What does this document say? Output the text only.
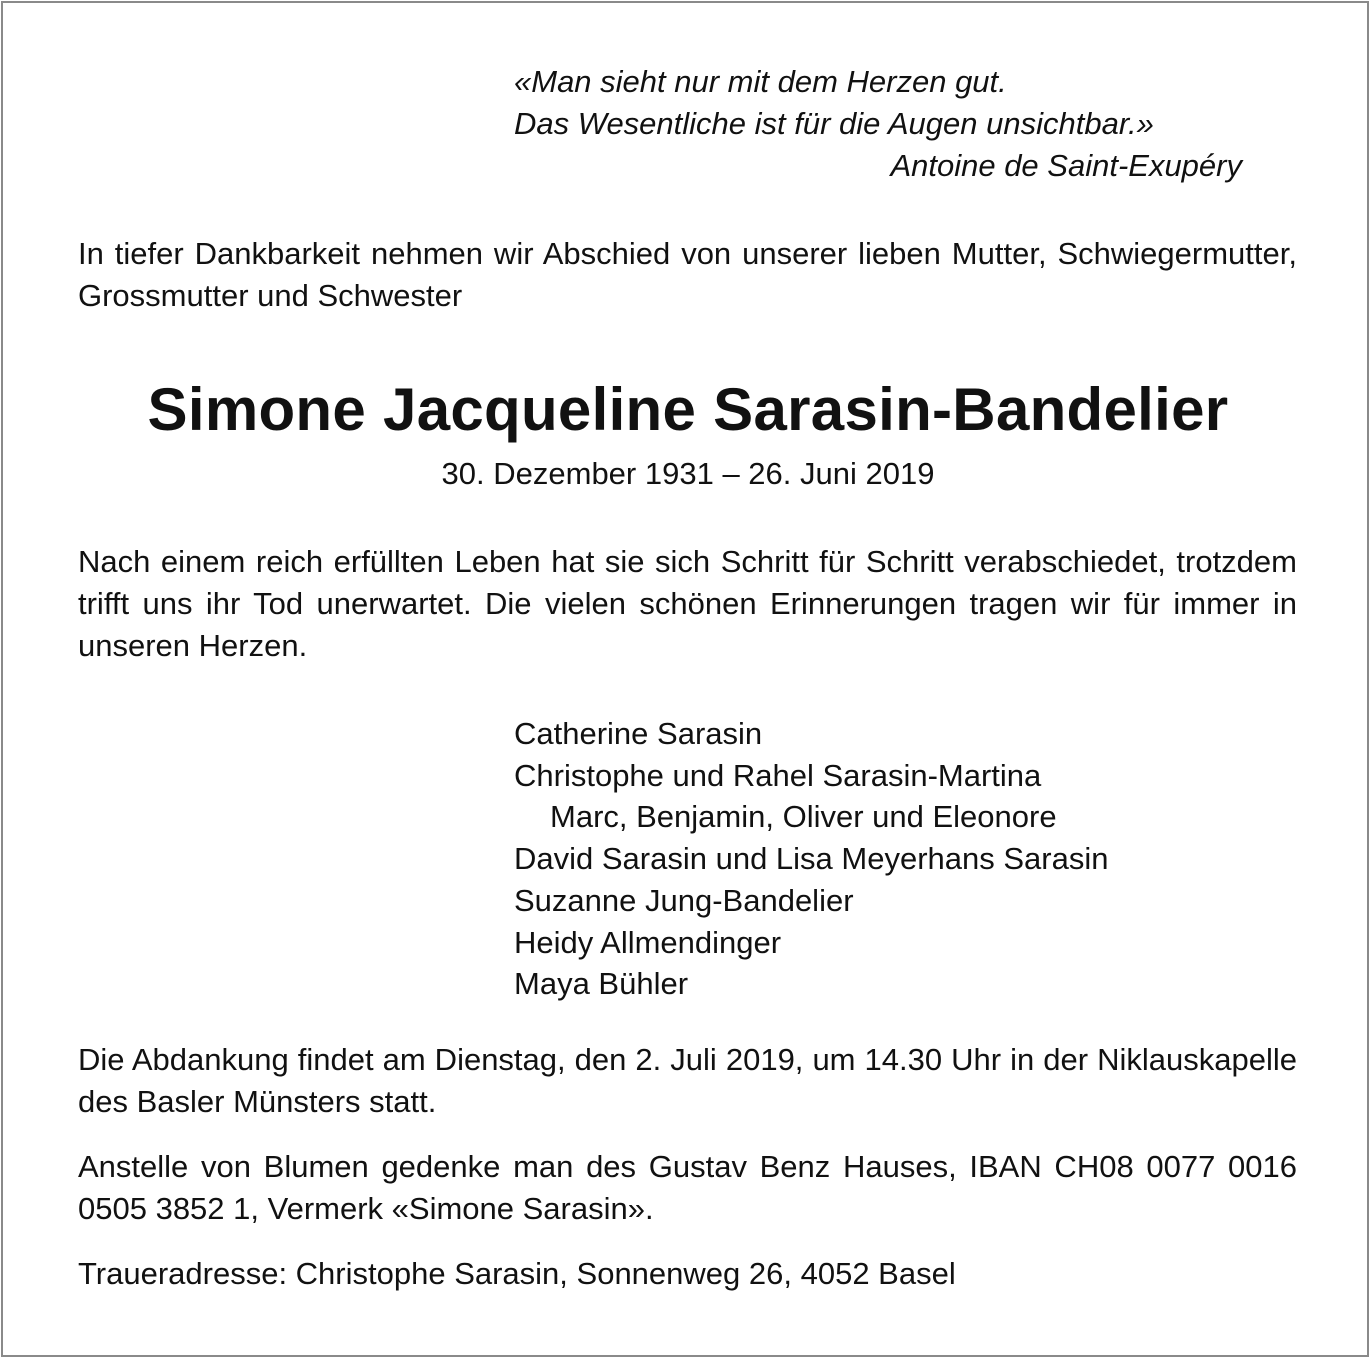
«Man sieht nur mit dem Herzen gut.
Das Wesentliche ist für die Augen unsichtbar.»
Antoine de Saint-Exupéry

In tiefer Dankbarkeit nehmen wir Abschied von unserer lieben Mutter, Schwiegermutter, Grossmutter und Schwester

Simone Jacqueline Sarasin-Bandelier

30. Dezember 1931 – 26. Juni 2019

Nach einem reich erfüllten Leben hat sie sich Schritt für Schritt verabschiedet, trotzdem trifft uns ihr Tod unerwartet. Die vielen schönen Erinnerungen tragen wir für immer in unseren Herzen.

Catherine Sarasin
Christophe und Rahel Sarasin-Martina
Marc, Benjamin, Oliver und Eleonore
David Sarasin und Lisa Meyerhans Sarasin
Suzanne Jung-Bandelier
Heidy Allmendinger
Maya Bühler

Die Abdankung findet am Dienstag, den 2. Juli 2019, um 14.30 Uhr in der Niklauskapelle des Basler Münsters statt.

Anstelle von Blumen gedenke man des Gustav Benz Hauses, IBAN CH08 0077 0016 0505 3852 1, Vermerk «Simone Sarasin».

Traueradresse: Christophe Sarasin, Sonnenweg 26, 4052 Basel
